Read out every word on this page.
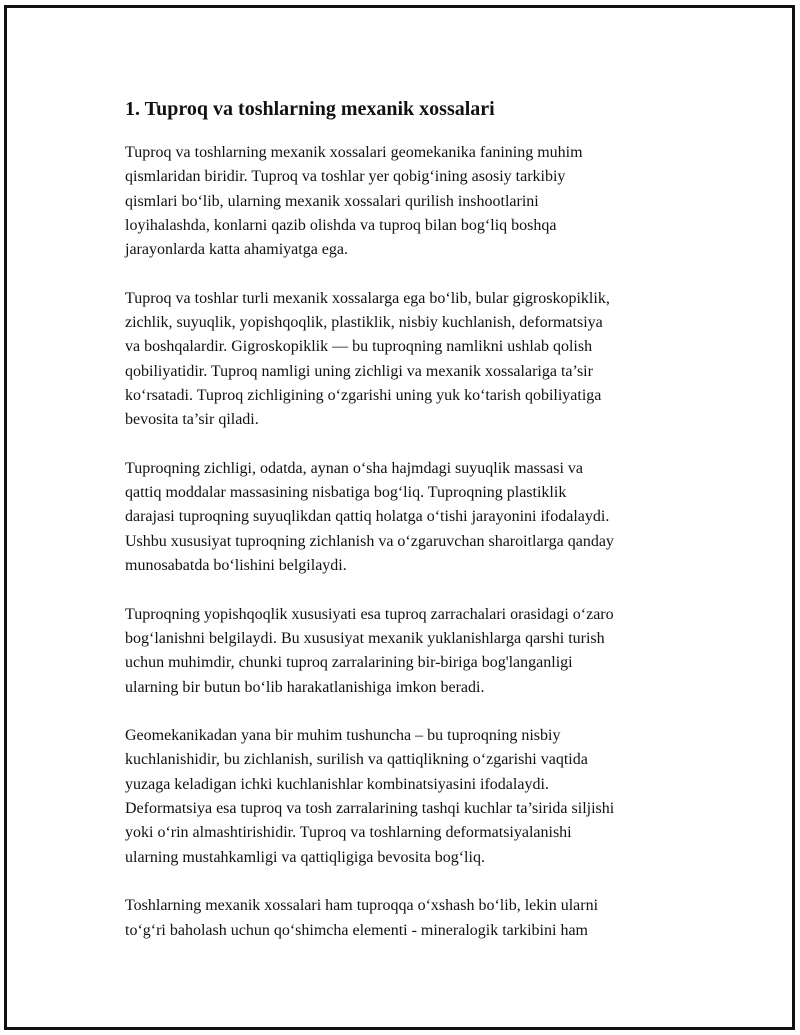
1. Tuproq va toshlarning mexanik xossalari

Tuproq va toshlarning mexanik xossalari geomekanika fanining muhim
qismlaridan biridir. Tuproq va toshlar yer qobig‘ining asosiy tarkibiy
qismlari bo‘lib, ularning mexanik xossalari qurilish inshootlarini
loyihalashda, konlarni qazib olishda va tuproq bilan bog‘liq boshqa
jarayonlarda katta ahamiyatga ega.

Tuproq va toshlar turli mexanik xossalarga ega bo‘lib, bular gigroskopiklik,
zichlik, suyuqlik, yopishqoqlik, plastiklik, nisbiy kuchlanish, deformatsiya
va boshqalardir. Gigroskopiklik — bu tuproqning namlikni ushlab qolish
qobiliyatidir. Tuproq namligi uning zichligi va mexanik xossalariga ta’sir
ko‘rsatadi. Tuproq zichligining o‘zgarishi uning yuk ko‘tarish qobiliyatiga
bevosita ta’sir qiladi.

Tuproqning zichligi, odatda, aynan o‘sha hajmdagi suyuqlik massasi va
qattiq moddalar massasining nisbatiga bog‘liq. Tuproqning plastiklik
darajasi tuproqning suyuqlikdan qattiq holatga o‘tishi jarayonini ifodalaydi.
Ushbu xususiyat tuproqning zichlanish va o‘zgaruvchan sharoitlarga qanday
munosabatda bo‘lishini belgilaydi.

Tuproqning yopishqoqlik xususiyati esa tuproq zarrachalari orasidagi o‘zaro
bog‘lanishni belgilaydi. Bu xususiyat mexanik yuklanishlarga qarshi turish
uchun muhimdir, chunki tuproq zarralarining bir-biriga bog'langanligi
ularning bir butun bo‘lib harakatlanishiga imkon beradi.

Geomekanikadan yana bir muhim tushuncha – bu tuproqning nisbiy
kuchlanishidir, bu zichlanish, surilish va qattiqlikning o‘zgarishi vaqtida
yuzaga keladigan ichki kuchlanishlar kombinatsiyasini ifodalaydi.
Deformatsiya esa tuproq va tosh zarralarining tashqi kuchlar ta’sirida siljishi
yoki o‘rin almashtirishidir. Tuproq va toshlarning deformatsiyalanishi
ularning mustahkamligi va qattiqligiga bevosita bog‘liq.

Toshlarning mexanik xossalari ham tuproqqa o‘xshash bo‘lib, lekin ularni
to‘g‘ri baholash uchun qo‘shimcha elementi - mineralogik tarkibini ham
